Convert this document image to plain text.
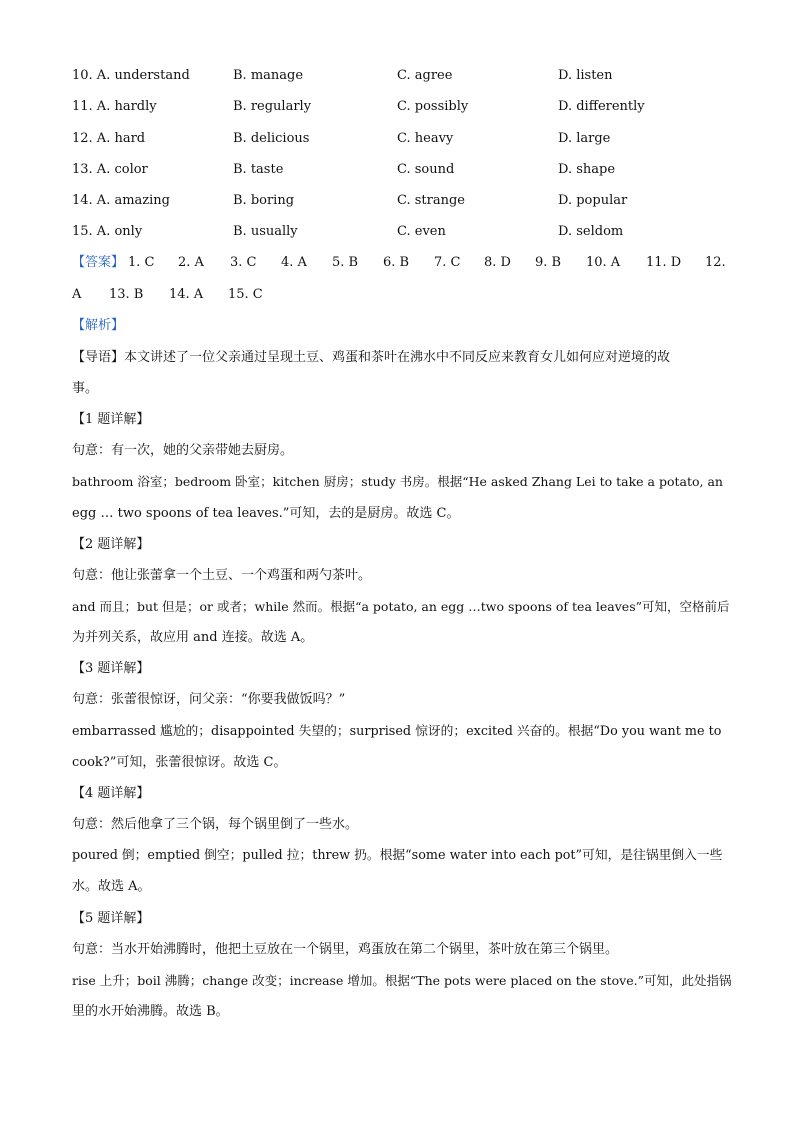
10. A. understand	B. manage	C. agree	D. listen
11. A. hardly	B. regularly	C. possibly	D. differently
12. A. hard	B. delicious	C. heavy	D. large
13. A. color	B. taste	C. sound	D. shape
14. A. amazing	B. boring	C. strange	D. popular
15. A. only	B. usually	C. even	D. seldom
【答案】 1. C 2. A 3. C 4. A 5. B 6. B 7. C 8. D 9. B 10. A 11. D 12.
A 13. B 14. A 15. C
【解析】
【导语】本文讲述了一位父亲通过呈现土豆、鸡蛋和茶叶在沸水中不同反应来教育女儿如何应对逆境的故
事。
【1 题详解】
句意：有一次，她的父亲带她去厨房。
bathroom 浴室；bedroom 卧室；kitchen 厨房；study 书房。根据“He asked Zhang Lei to take a potato, an
egg … two spoons of tea leaves.”可知，去的是厨房。故选 C。
【2 题详解】
句意：他让张蕾拿一个土豆、一个鸡蛋和两勺茶叶。
and 而且；but 但是；or 或者；while 然而。根据“a potato, an egg …two spoons of tea leaves”可知，空格前后
为并列关系，故应用 and 连接。故选 A。
【3 题详解】
句意：张蕾很惊讶，问父亲：“你要我做饭吗？”
embarrassed 尴尬的；disappointed 失望的；surprised 惊讶的；excited 兴奋的。根据“Do you want me to
cook?”可知，张蕾很惊讶。故选 C。
【4 题详解】
句意：然后他拿了三个锅，每个锅里倒了一些水。
poured 倒；emptied 倒空；pulled 拉；threw 扔。根据“some water into each pot”可知，是往锅里倒入一些
水。故选 A。
【5 题详解】
句意：当水开始沸腾时，他把土豆放在一个锅里，鸡蛋放在第二个锅里，茶叶放在第三个锅里。
rise 上升；boil 沸腾；change 改变；increase 增加。根据“The pots were placed on the stove.”可知，此处指锅
里的水开始沸腾。故选 B。
